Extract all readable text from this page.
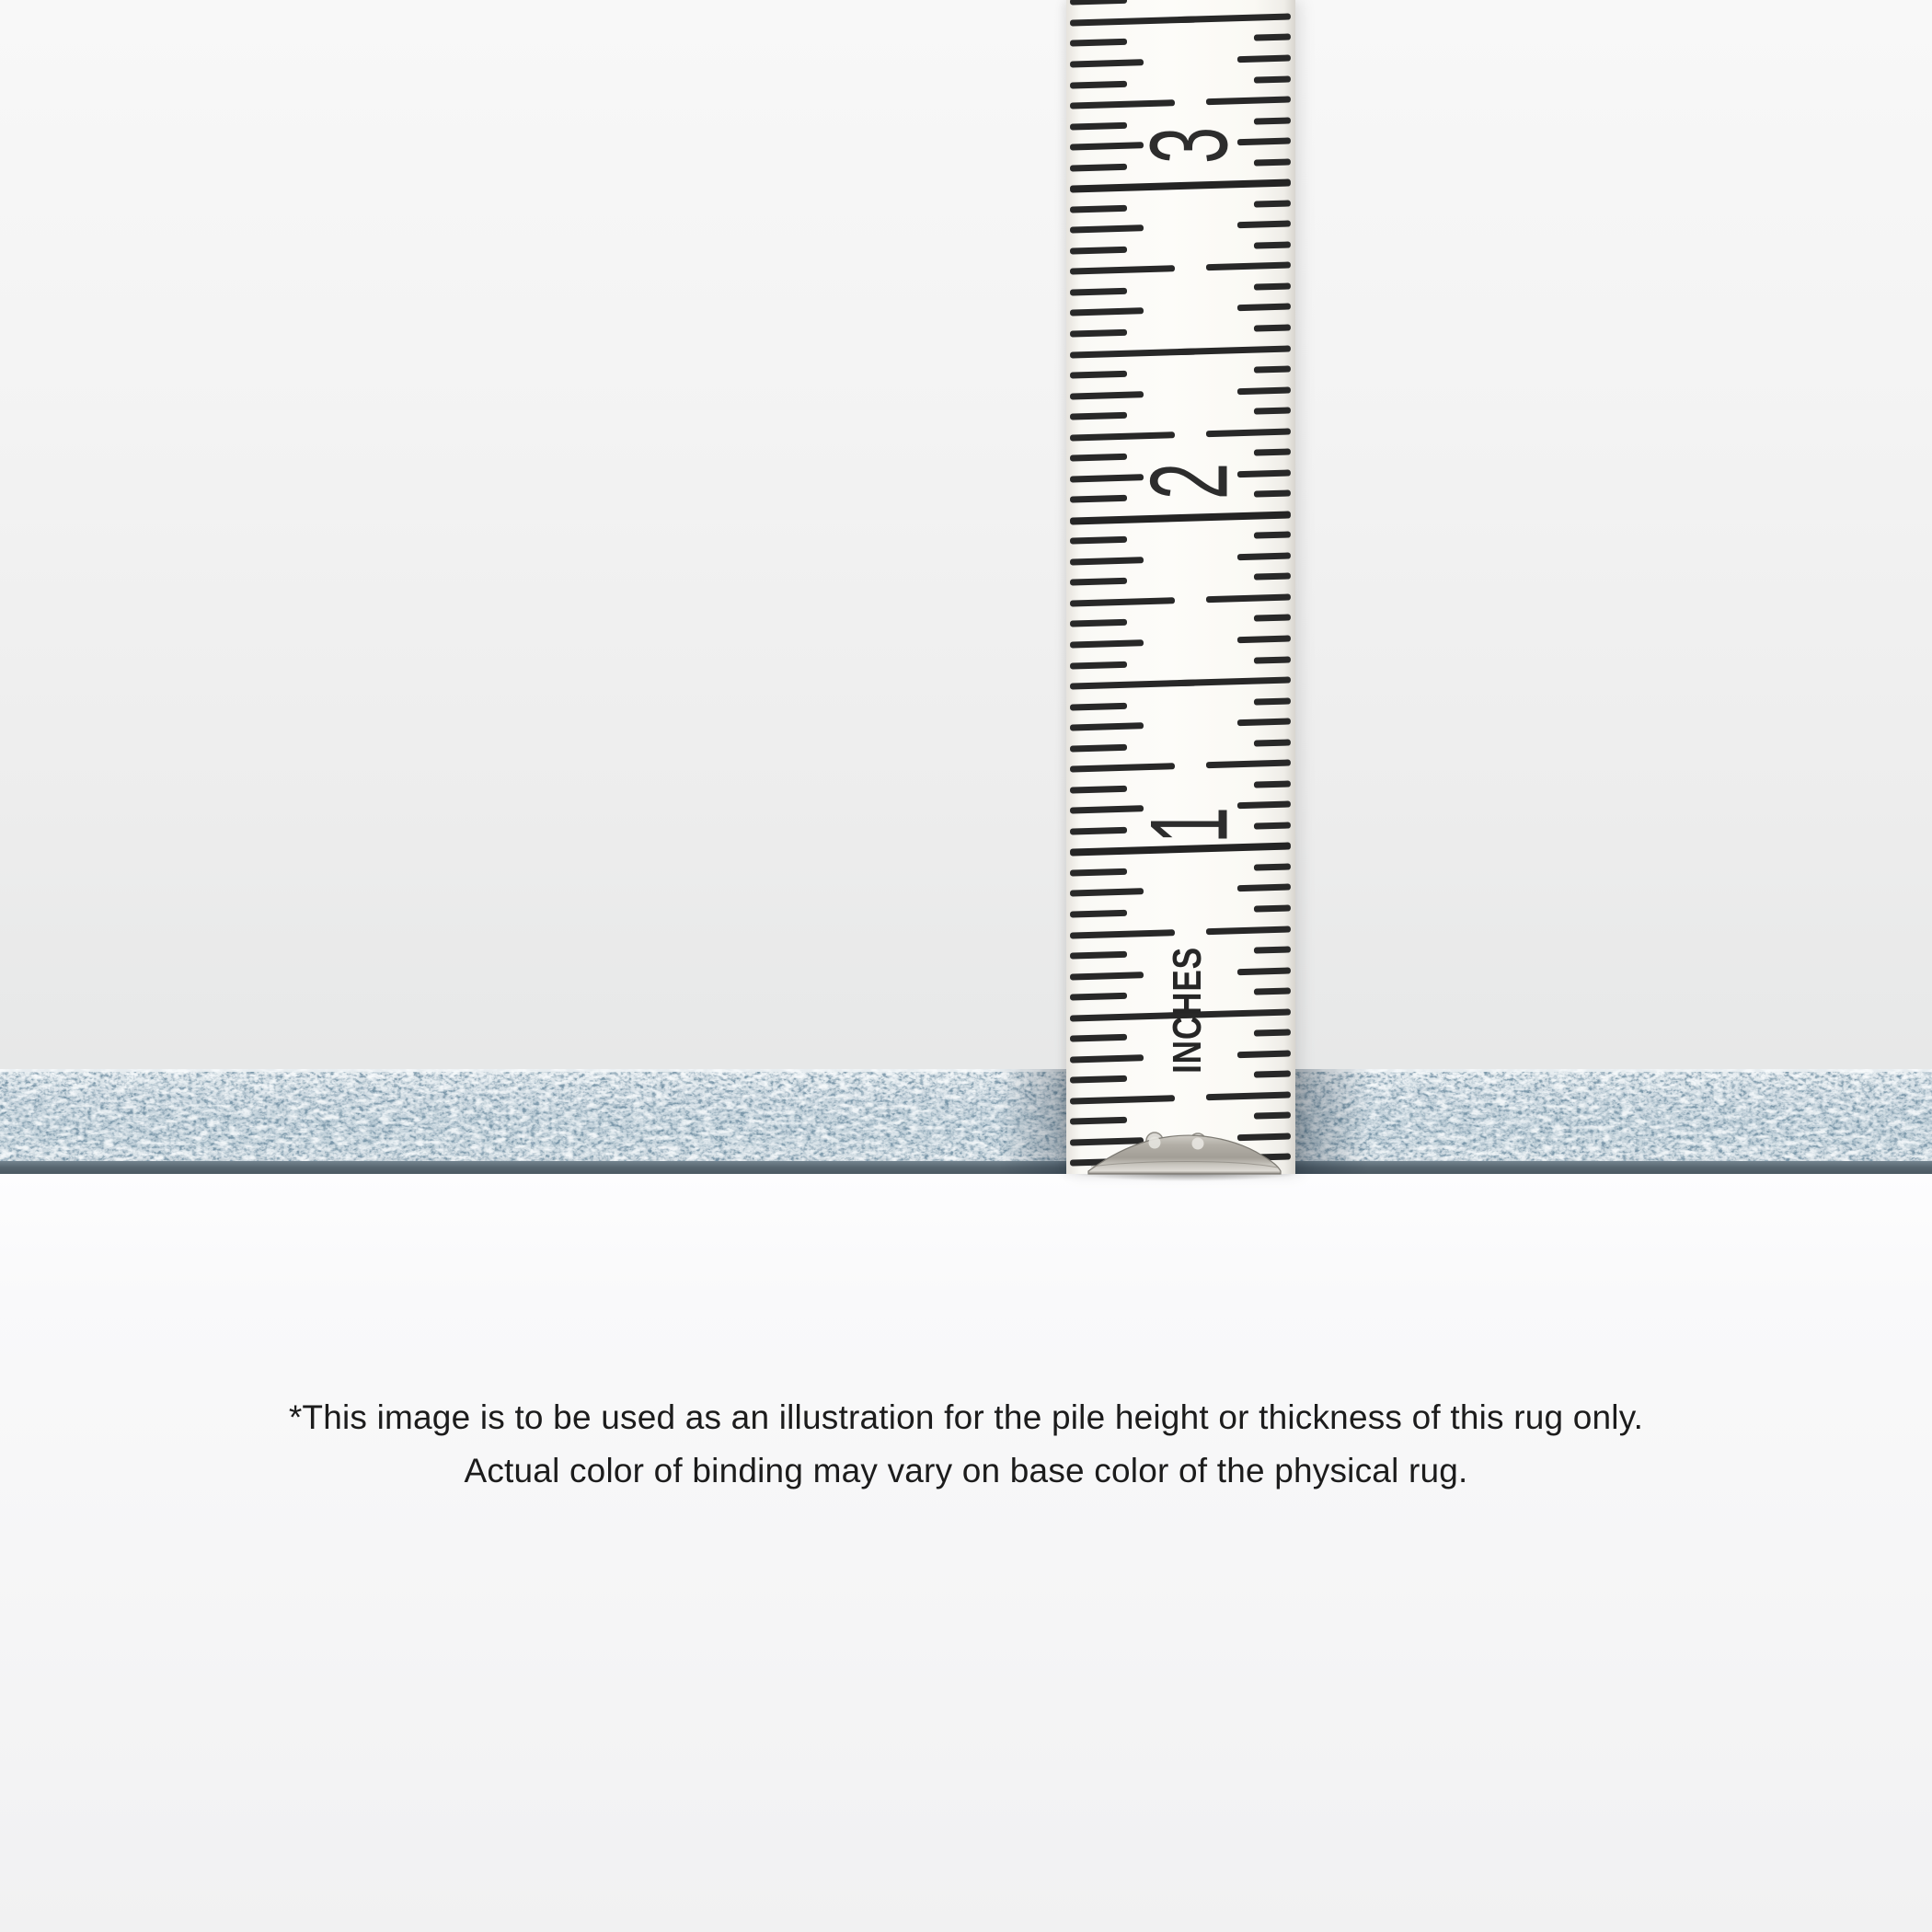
INCHES
1
2
3

*This image is to be used as an illustration for the pile height or thickness of this rug only.

Actual color of binding may vary on base color of the physical rug.
